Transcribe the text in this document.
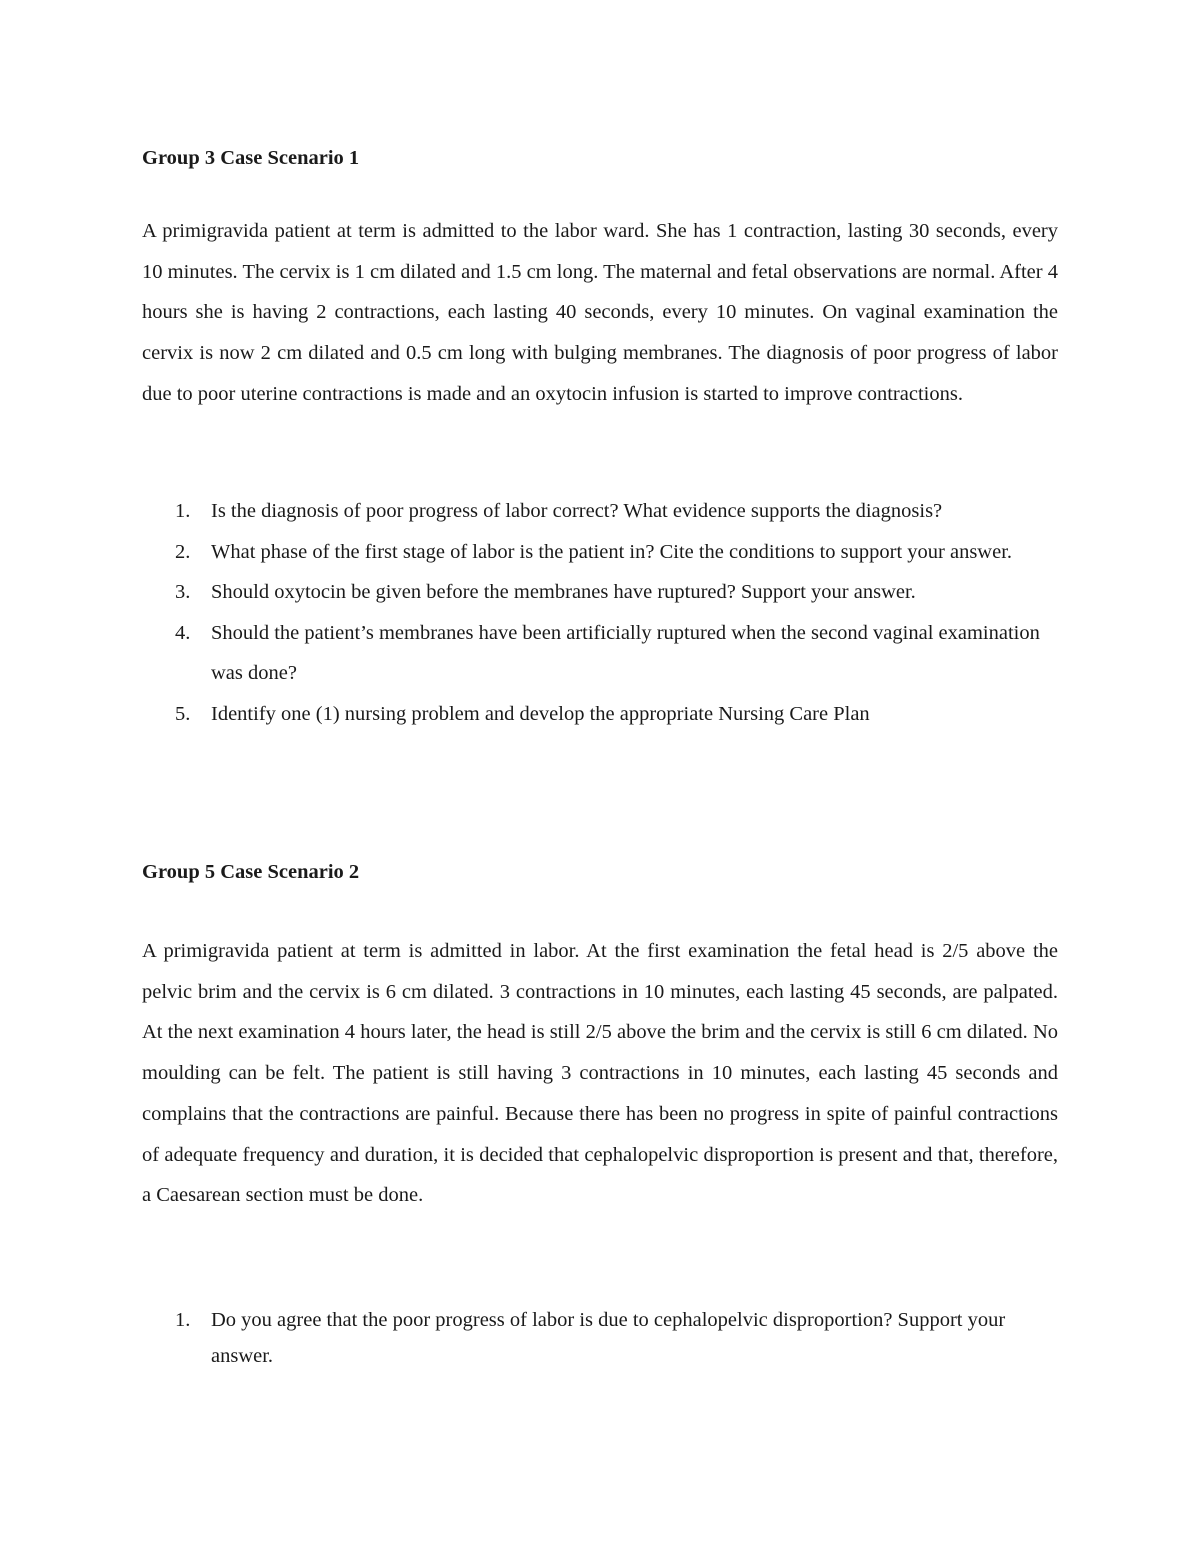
Group 3 Case Scenario 1

A primigravida patient at term is admitted to the labor ward. She has 1 contraction, lasting 30 seconds, every 10 minutes. The cervix is 1 cm dilated and 1.5 cm long. The maternal and fetal observations are normal. After 4 hours she is having 2 contractions, each lasting 40 seconds, every 10 minutes. On vaginal examination the cervix is now 2 cm dilated and 0.5 cm long with bulging membranes. The diagnosis of poor progress of labor due to poor uterine contractions is made and an oxytocin infusion is started to improve contractions.

1. Is the diagnosis of poor progress of labor correct? What evidence supports the diagnosis?
2. What phase of the first stage of labor is the patient in? Cite the conditions to support your answer.
3. Should oxytocin be given before the membranes have ruptured? Support your answer.
4. Should the patient’s membranes have been artificially ruptured when the second vaginal examination was done?
5. Identify one (1) nursing problem and develop the appropriate Nursing Care Plan
Group 5 Case Scenario 2

A primigravida patient at term is admitted in labor. At the first examination the fetal head is 2/5 above the pelvic brim and the cervix is 6 cm dilated. 3 contractions in 10 minutes, each lasting 45 seconds, are palpated. At the next examination 4 hours later, the head is still 2/5 above the brim and the cervix is still 6 cm dilated. No moulding can be felt. The patient is still having 3 contractions in 10 minutes, each lasting 45 seconds and complains that the contractions are painful. Because there has been no progress in spite of painful contractions of adequate frequency and duration, it is decided that cephalopelvic disproportion is present and that, therefore, a Caesarean section must be done.

1. Do you agree that the poor progress of labor is due to cephalopelvic disproportion? Support your answer.
